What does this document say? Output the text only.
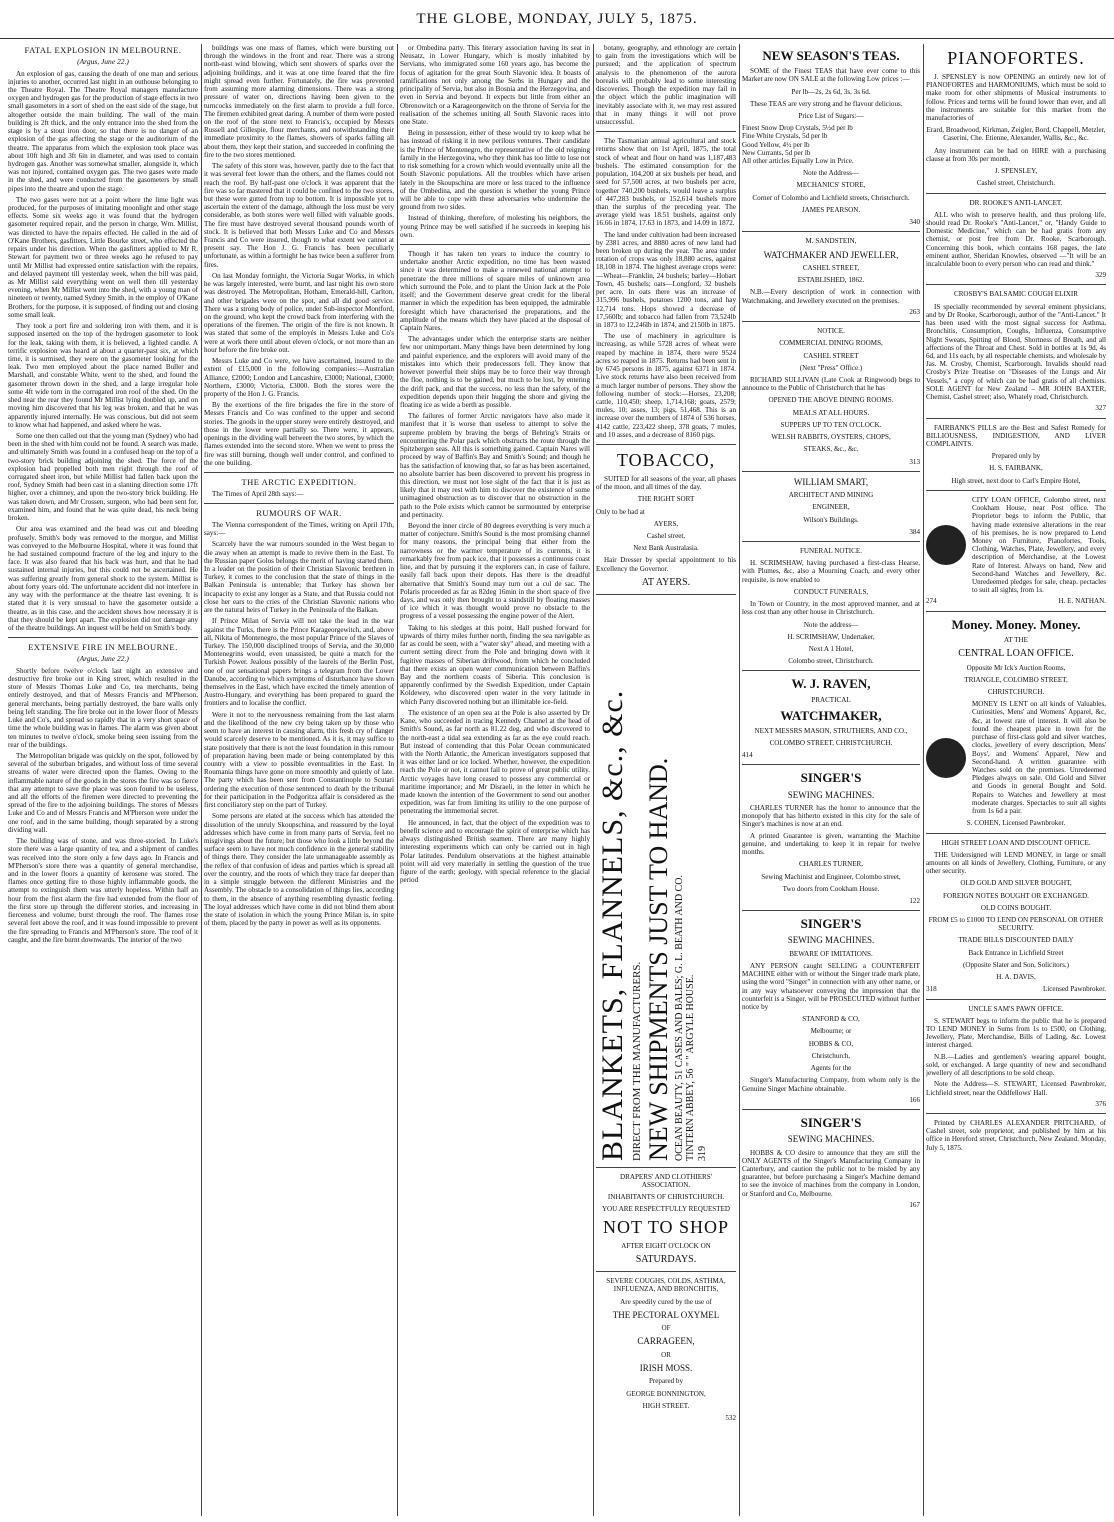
THE GLOBE, MONDAY, JULY 5, 1875.
FATAL EXPLOSION IN MELBOURNE.
(Argus, June 22.)

An explosion of gas, causing the death of one man and serious injuries to another, occurred last night in an outhouse belonging to the Theatre Royal. The Theatre Royal managers manufacture oxygen and hydrogen gas for the production of stage effects in two small gasometers in a sort of shed on the east side of the stage, but altogether outside the main building. The wall of the main building is 2ft thick, and the only entrance into the shed from the stage is by a stout iron door, so that there is no danger of an explosion of the gas affecting the stage or the auditorium of the theatre. The apparatus from which the explosion took place was about 10ft high and 3ft 6in in diameter, and was used to contain hydrogen gas. Another was somewhat smaller, alongside it, which was not injured, contained oxygen gas. The two gases were made in the shed, and were conducted from the gasometers by small pipes into the theatre and upon the stage.

The two gases were not at a point where the lime light was produced, for the purposes of imitating moonlight and other stage effects. Some six weeks ago it was found that the hydrogen gasometer required repair, and the person in charge, Wm. Millist, was directed to have the repairs effected. He called in the aid of O'Kane Brothers, gasfitters, Little Bourke street, who effected the repairs under his direction. When the gasfitters applied to Mr R. Stewart for payment two or three weeks ago he refused to pay until Mr Millist had expressed entire satisfaction with the repairs, and delayed payment till yesterday week, when the bill was paid, as Mr Millist said everything went on well then till yesterday evening, when Mr Millist went into the shed, with a young man of nineteen or twenty, named Sydney Smith, in the employ of O'Kane Brothers, for the purpose, it is supposed, of finding out and closing some small leak.

They took a port fire and soldering iron with them, and it is supposed inserted on the top of the hydrogen gasometer to look for the leak, taking with them, it is believed, a lighted candle. A terrific explosion was heard at about a quarter-past six, at which time, it is surmised, they were on the gasometer looking for the leak. Two men employed about the place named Buller and Marshall, and constable White, went to the shed, and found the gasometer thrown down in the shed, and a large irregular hole some 4ft wide torn in the corrugated iron roof of the shed. On the shed near the rear they found Mr Millist lying doubled up, and on moving him discovered that his leg was broken, and that he was apparently injured internally. He was conscious, but did not seem to know what had happened, and asked where he was.

Some one then called out that the young man (Sydney) who had been in the shed with him could not be found. A search was made, and ultimately Smith was found in a confused heap on the top of a two-story brick building adjoining the shed. The force of the explosion had propelled both men right through the roof of corrugated sheet iron, but while Millist had fallen back upon the roof, Sydney Smith had been cast in a slanting direction some 17ft higher, over a chimney, and upon the two-story brick building. He was taken down, and Mr Crossen, surgeon, who had been sent for, examined him, and found that he was quite dead, his neck being broken.

Our area was examined and the head was cut and bleeding profusely. Smith's body was removed to the morgue, and Millist was conveyed to the Melbourne Hospital, where it was found that he had sustained compound fracture of the leg and injury to the face. It was also feared that his back was hurt, and that he had sustained internal injuries, but this could not be ascertained. He was suffering greatly from general shock to the system. Millist is about forty years old. The unfortunate accident did not interfere in any way with the performance at the theatre last evening. It is stated that it is very unusual to have the gasometer outside a theatre, as in this case, and the accident shows how necessary it is that they should be kept apart. The explosion did not damage any of the theatre buildings. An inquest will be held on Smith's body.

EXTENSIVE FIRE IN MELBOURNE.
(Argus, June 22.)

Shortly before twelve o'clock last night an extensive and destructive fire broke out in King street, which resulted in the store of Messrs Thomas Luke and Co, tea merchants, being entirely destroyed, and that of Messrs Francis and M'Pherson, general merchants, being partially destroyed, the bare walls only being left standing. The fire broke out in the lower floor of Messrs Luke and Co's, and spread so rapidly that in a very short space of time the whole building was in flames. The alarm was given about ten minutes to twelve o'clock, smoke being seen issuing from the rear of the buildings.

The Metropolitan brigade was quickly on the spot, followed by several of the suburban brigades, and without loss of time several streams of water were directed upon the flames. Owing to the inflammable nature of the goods in the stores the fire was so fierce that any attempt to save the place was soon found to be useless, and all the efforts of the firemen were directed to preventing the spread of the fire to the adjoining buildings. The stores of Messrs Luke and Co and of Messrs Francis and M'Pherson were under the one roof, and in the same building, though separated by a strong dividing wall.

The building was of stone, and was three-storied. In Luke's store there was a large quantity of tea, and a shipment of candles was received into the store only a few days ago. In Francis and M'Pherson's store there was a quantity of general merchandise, and in the lower floors a quantity of kerosene was stored. The flames once getting fire to those highly inflammable goods, the attempt to extinguish them was utterly hopeless. Within half an hour from the first alarm the fire had extended from the floor of the first store up through the different stories, and increasing in fierceness and volume, burst through the roof. The flames rose several feet above the roof, and it was found impossible to prevent the fire spreading to Francis and M'Pherson's store. The roof of it caught, and the fire burnt downwards. The interior of the two

buildings was one mass of flames, which were bursting out through the windows in the front and rear. There was a strong north-east wind blowing, which sent showers of sparks over the adjoining buildings, and it was at one time feared that the fire might spread even further. Fortunately, the fire was prevented from assuming more alarming dimensions. There was a strong pressure of water on, directions having been given to the turncocks immediately on the first alarm to provide a full force. The firemen exhibited great daring. A number of them were posted on the roof of the store next to Francis's, occupied by Messrs Russell and Gillespie, flour merchants, and notwithstanding their immediate proximity to the flames, showers of sparks falling all about them, they kept their station, and succeeded in confining the fire to the two stores mentioned.

The safety of this store was, however, partly due to the fact that it was several feet lower than the others, and the flames could not reach the roof. By half-past one o'clock it was apparent that the fire was so far mastered that it could be confined to the two stores, but these were gutted from top to bottom. It is impossible yet to ascertain the extent of the damage, although the loss must be very considerable, as both stores were well filled with valuable goods. The fire must have destroyed several thousand pounds worth of stock. It is believed that both Messrs Luke and Co and Messrs Francis and Co were insured, though to what extent we cannot at present say. The Hon J. G. Francis has been peculiarly unfortunate, as within a fortnight he has twice been a sufferer from fires.

On last Monday fortnight, the Victoria Sugar Works, in which he was largely interested, were burnt, and last night his own store was destroyed. The Metropolitan, Hotham, Emerald-hill, Carlton, and other brigades were on the spot, and all did good service. There was a strong body of police, under Sub-inspector Montford, on the ground, who kept the crowd back from interfering with the operations of the firemen. The origin of the fire is not known. It was stated that some of the employés in Messrs Luke and Co's were at work there until about eleven o'clock, or not more than an hour before the fire broke out.

Messrs Luke and Co were, we have ascertained, insured to the extent of £15,000 in the following companies:—Australian Alliance, £2000; London and Lancashire, £3000; National, £3000; Northern, £3000; Victoria, £3000. Both the stores were the property of the Hon J. G. Francis.

By the exertions of the fire brigades the fire in the store of Messrs Francis and Co was confined to the upper and second stories. The goods in the upper storey were entirely destroyed, and those in the lower were partially so. There were, it appears, openings in the dividing wall between the two stores, by which the flames extended into the second store. When we went to press the fire was still burning, though well under control, and confined to the one building.

THE ARCTIC EXPEDITION.

The Times of April 28th says:—

RUMOURS OF WAR.

The Vienna correspondent of the Times, writing on April 17th, says:—

Scarcely have the war rumours sounded in the West began to die away when an attempt is made to revive them in the East. To the Russian paper Golos belongs the merit of having started them. In a leader on the position of their Christian Slavonic brethren in Turkey, it comes to the conclusion that the state of things in the Balkan Peninsula is untenable; that Turkey has shown her incapacity to exist any longer as a State, and that Russia could not close her ears to the cries of the Christian Slavonic nations who are the natural heirs of Turkey in the Peninsula of the Balkan.

If Prince Milan of Servia will not take the lead in the war against the Turks, there is the Prince Karageorgewitch, and, above all, Nikita of Montenegro, the most popular Prince of the Slaves of Turkey. The 150,000 disciplined troops of Servia, and the 30,000 Montenegrins would, even unassisted, be quite a match for the Turkish Power. Jealous possibly of the laurels of the Berlin Post, one of our sensational papers brings a telegram from the Lower Danube, according to which symptoms of disturbance have shown themselves in the East, which have excited the timely attention of Austro-Hungary, and everything has been prepared to guard the frontiers and to localise the conflict.

Were it not to the nervousness remaining from the last alarm and the likelihood of the new cry being taken up by those who seem to have an interest in causing alarm, this fresh cry of danger would scarcely deserve to be mentioned. As it is, it may suffice to state positively that there is not the least foundation in this rumour of preparation having been made or being contemplated by this country with a view to possible eventualities in the East. In Roumania things have gone on more smoothly and quietly of late. The party which has been sent from Constantinople to Scutari ordering the execution of those sentenced to death by the tribunal for their participation in the Podgoritza affair is considered as the first conciliatory step on the part of Turkey.

Some persons are elated at the success which has attended the dissolution of the unruly Skoupschina, and reassured by the loyal addresses which have come in from many parts of Servia, feel no misgivings about the future; but those who look a little beyond the surface seem to have not much confidence in the general stability of things there. They consider the late unmanageable assembly as the reflex of that confusion of ideas and parties which is spread all over the country, and the roots of which they trace far deeper than in a simple struggle between the different Ministries and the Assembly. The obstacle to a consolidation of things lies, according to them, in the absence of anything resembling dynastic feeling. The loyal addresses which have come in did not blind them about the state of isolation in which the young Prince Milan is, in spite of them, placed by the party in power as well as its opponents.

or Ombedina party. This literary association having its seat in Neusatz, in Lower Hungary, which is mostly inhabited by Servians, who immigrated some 160 years ago, has become the focus of agitation for the great South Slavonic idea. It boasts of ramifications not only among the Serbs in Hungary and the principality of Servia, but also in Bosnia and the Herzegovina, and even in Servia and beyond. It expects but little from either an Obrenowitch or a Karageorgewitch on the throne of Servia for the realisation of the schemes uniting all South Slavonic races into one State.

Being in possession, either of these would try to keep what he has instead of risking it in new perilous ventures. Their candidate is the Prince of Montenegro, the representative of the old reigning family in the Herzegovina, who they think has too little to lose not to risk something for a crown which would eventually unite all the South Slavonic populations. All the troubles which have arisen lately in the Skoupschina are more or less traced to the influence of the Ombedina, and the question is whether the young Prince will be able to cope with these adversaries who undermine the ground from two sides.

Instead of thinking, therefore, of molesting his neighbors, the young Prince may be well satisfied if he succeeds in keeping his own.

Though it has taken ten years to induce the country to undertake another Arctic expedition, no time has been wasted since it was determined to make a renewed national attempt to penetrate the three millions of square miles of unknown area which surround the Pole, and to plant the Union Jack at the Pole itself; and the Government deserve great credit for the liberal manner in which the expedition has been equipped, the admirable foresight which have characterised the preparations, and the amplitude of the means which they have placed at the disposal of Captain Nares.

The advantages under which the enterprise starts are neither few nor unimportant. Many things have been determined by long and painful experience, and the explorers will avoid many of the mistakes into which their predecessors fell. They know that however powerful their ships may be to force their way through the floe, nothing is to be gained, but much to be lost, by entering the drift pack, and that the success, no less than the safety, of the expedition depends upon their hugging the shore and giving the floating ice as wide a berth as possible.

The failures of former Arctic navigators have also made it manifest that it is worse than useless to attempt to solve the supreme problem by braving the bergs of Behring's Straits or encountering the Polar pack which obstructs the route through the Spitzbergen seas. All this is something gained. Captain Nares will proceed by way of Baffin's Bay and Smith's Sound; and though he has the satisfaction of knowing that, so far as has been ascertained, no absolute barrier has been discovered to prevent his progress in this direction, we must not lose sight of the fact that it is just as likely that it may rest with him to discover the existence of some unimagined obstruction as to discover that no obstruction in the path to the Pole exists which cannot be surmounted by enterprise and pertinacity.

Beyond the inner circle of 80 degrees everything is very much a matter of conjecture. Smith's Sound is the most promising channel for many reasons, the principal being that either from the narrowness or the warmer temperature of its currents, it is remarkably free from pack ice, that it possesses a continuous coast line, and that by pursuing it the explorers can, in case of failure, easily fall back upon their depots. Has there is the dreadful alternative that Smith's Sound may turn out a cul de sac. The Polaris proceeded as far as 82deg 16min in the short space of five days, and was only then brought to a standstill by floating masses of ice which it was thought would prove no obstacle to the progress of a vessel possessing the engine power of the Alert.

Taking to his sledges at this point, Hall pushed forward for upwards of thirty miles further north, finding the sea navigable as far as could be seen, with a "water sky" ahead, and meeting with a current setting direct from the Pole and bringing down with it fugitive masses of Siberian driftwood, from which he concluded that there exists an open water communication between Baffin's Bay and the northern coasts of Siberia. This conclusion is apparently confirmed by the Swedish Expedition, under Captain Koldewey, who discovered open water in the very latitude in which Parry discovered nothing but an illimitable ice-field.

The existence of an open sea at the Pole is also asserted by Dr Kane, who succeeded in tracing Kennedy Channel at the head of Smith's Sound, as far north as 81.22 deg, and who discovered to the north-east a tidal sea extending as far as the eye could reach. But instead of contending that this Polar Ocean communicated with the North Atlantic, the American investigators supposed that it was either land or ice locked. Whether, however, the expedition reach the Pole or not, it cannot fail to prove of great public utility. Arctic voyages have long ceased to possess any commercial or maritime importance; and Mr Disraeli, in the letter in which he made known the intention of the Government to send out another expedition, was far from limiting its utility to the one purpose of penetrating the immemorial secret.

He announced, in fact, that the object of the expedition was to benefit science and to encourage the spirit of enterprise which has always distinguished British seamen. There are many highly interesting experiments which can only be carried out in high Polar latitudes. Pendulum observations at the highest attainable point will aid very materially in settling the question of the true figure of the earth; geology, with special reference to the glacial period

botany, geography, and ethnology are certain to gain from the investigations which will be pursued; and the application of spectrum analysis to the phenomenon of the aurora borealis will probably lead to some interesting discoveries. Though the expedition may fail in the object which the public imagination will inevitably associate with it, we may rest assured that in many things it will not prove unsuccessful.

The Tasmanian annual agricultural and stock returns show that on 1st April, 1875, the total stock of wheat and flour on hand was 1,187,483 bushels. The estimated consumption for the population, 104,200 at six bushels per head, and seed for 57,500 acres, at two bushels per acre, together 740,200 bushels, would leave a surplus of 447,283 bushels, or 152,614 bushels more than the surplus of the preceding year. The average yield was 18.51 bushels, against only 16.66 in 1874, 17.63 in 1873, and 14.09 in 1872.

The land under cultivation had been increased by 2381 acres, and 8880 acres of new land had been broken up during the year. The area under rotation of crops was only 18,880 acres, against 18,108 in 1874. The highest average crops were:—Wheat—Franklin, 24 bushels; barley—Hobart Town, 45 bushels; oats—Longford, 32 bushels per acre. In oats there was an increase of 315,996 bushels, potatoes 1200 tons, and hay 12,714 tons. Hops showed a decrease of 17,560lb; and tobacco had fallen from 73,524lb in 1873 to 12,246lb in 1874, and 2150lb in 1875.

The use of machinery in agriculture is increasing, as while 5728 acres of wheat were reaped by machine in 1874, there were 9524 acres so reaped in 1875. Returns had been sent in by 6745 persons in 1875, against 6371 in 1874. Live stock returns have also been received from a much larger number of persons. They show the following number of stock:—Horses, 23,208; cattle, 110,450; sheep, 1,714,168; goats, 2579; mules, 10; asses, 13; pigs, 51,468. This is an increase over the numbers of 1874 of 536 horses, 4142 cattle, 223,422 sheep, 378 goats, 7 mules, and 10 asses, and a decrease of 8160 pigs.

TOBACCO,

SUITED for all seasons of the year, all phases of the moon, and all times of the day.

THE RIGHT SORT
Only to be had at
AYERS,
Cashel street,
Next Bank Australasia.

Hair Dresser by special appointment to his Excellency the Governor.

AT AYERS.
BLANKETS, FLANNELS, &c., &c. DIRECT FROM THE MANUFACTURERS. NEW SHIPMENTS JUST TO HAND. OCEAN BEAUTY, 51 CASES AND BALES; G. L. BEATH AND CO. TINTERN ABBEY, 56 " " ARGYLE HOUSE. 319
DRAPERS' AND CLOTHIERS' ASSOCIATION.
INHABITANTS OF CHRISTCHURCH.
YOU ARE RESPECTFULLY REQUESTED
NOT TO SHOP
AFTER EIGHT O'CLOCK ON
SATURDAYS.
SEVERE COUGHS, COLDS, ASTHMA, INFLUENZA, AND BRONCHITIS,
Are speedily cured by the use of
THE PECTORAL OXYMEL
OF
CARRAGEEN,
OR
IRISH MOSS.
Prepared by
GEORGE BONNINGTON,
HIGH STREET.
532
NEW SEASON'S TEAS.

SOME of the Finest TEAS that have ever come to this Market are now ON SALE at the following Low prices :—

Per lb—2s, 2s 6d, 3s, 3s 6d.

These TEAS are very strong and he flavour delicious.

Price List of Sugars:—
Finest Snow Drop Crystals, 5½d per lb
Fine White Crystals, 5d per lb
Good Yellow, 4½ per lb
New Currants, 5d per lb
All other articles Equally Low in Price.
Note the Address—
MECHANICS' STORE,
Corner of Colombo and Lichfield streets, Christchurch.
JAMES PEARSON.
340
M. SANDSTEIN,
WATCHMAKER AND JEWELLER,
CASHEL STREET,
ESTABLISHED, 1862.

N.B.—Every description of work in connection with Watchmaking, and Jewellery executed on the premises.

263
NOTICE.
COMMERCIAL DINING ROOMS,
CASHEL STREET
(Next "Press" Office.)

RICHARD SULLIVAN (Late Cook at Ringwood) begs to announce to the Public of Christchurch that he has

OPENED THE ABOVE DINING ROOMS.
MEALS AT ALL HOURS.
SUPPERS UP TO TEN O'CLOCK.
WELSH RABBITS, OYSTERS, CHOPS,
STEAKS, &c., &c.
313
WILLIAM SMART,
ARCHITECT AND MINING
ENGINEER,
Wilson's Buildings.
384
FUNERAL NOTICE.

H. SCRIMSHAW, having purchased a first-class Hearse, with Plumes, &c, also a Mourning Coach, and every other requisite, is now enabled to

CONDUCT FUNERALS,

In Town or Country, in the most approved manner, and at less cost than any other house in Christchurch.

Note the address—
H. SCRIMSHAW, Undertaker,
Next A 1 Hotel,
Colombo street, Christchurch.
W. J. RAVEN,
PRACTICAL
WATCHMAKER,
NEXT MESSRS MASON, STRUTHERS, AND CO.,
COLOMBO STREET, CHRISTCHURCH.
414
SINGER'S
SEWING MACHINES.

CHARLES TURNER has the honor to announce that the monopoly that has hitherto existed in this city for the sale of Singer's machines is now at an end.

A printed Guarantee is given, warranting the Machine genuine, and undertaking to keep it in repair for twelve months.

CHARLES TURNER,
Sewing Machinist and Engineer, Colombo street,
Two doors from Cookham House.
122
SINGER'S
SEWING MACHINES.
BEWARE OF IMITATIONS.

ANY PERSON caught SELLING a COUNTERFEIT MACHINE either with or without the Singer trade mark plate, using the word "Singer" in connection with any other name, or in any way whatsoever conveying the impression that the counterfeit is a Singer, will be PROSECUTED without further notice by

STANFORD & CO,
Melbourne; or
HOBBS & CO,
Christchurch,
Agents for the

Singer's Manufacturing Company, from whom only is the Genuine Singer Machine obtainable.

166
SINGER'S
SEWING MACHINES.

HOBBS & CO desire to announce that they are still the ONLY AGENTS of the Singer's Manufacturing Company in Canterbury, and caution the public not to be misled by any guarantee, but before purchasing a Singer's Machine demand to see the invoice of machines from the company in London, or Stanford and Co, Melbourne.

167
PIANOFORTES.

J. SPENSLEY is now OPENING an entirely new lot of PIANOFORTES and HARMONIUMS, which must be sold to make room for other shipments of Musical instruments to follow. Prices and terms will be found lower than ever, and all the instruments are suitable for this market from the manufactories of

Erard, Broadwood, Kirkman, Zeigler, Bord, Chappell, Metzler, Caserini, Che. Etienne, Alexander, Wallis, &c., &c.

Any instrument can be had on HIRE with a purchasing clause at from 30s per month.

J. SPENSLEY,
Cashel street, Christchurch.
DR. ROOKE'S ANTI-LANCET.

ALL who wish to preserve health, and thus prolong life, should read Dr. Rooke's "Anti-Lancet," or, "Handy Guide to Domestic Medicine," which can be had gratis from any chemist, or post free from Dr. Rooke, Scarborough. Concerning this book, which contains 168 pages, the late eminent author, Sheridan Knowles, observed —"It will be an incalculable boon to every person who can read and think."

329
CROSBY'S BALSAMIC COUGH ELIXIR

IS specially recommended by several eminent physicians, and by Dr Rooke, Scarborough, author of the "Anti-Lancet." It has been used with the most signal success for Asthma, Bronchitis, Consumption, Coughs, Influenza, Consumptive Night Sweats, Spitting of Blood, Shortness of Breath, and all affections of the Throat and Chest. Sold in bottles at 1s 9d, 4s 6d, and 11s each, by all respectable chemists, and wholesale by Jas. M. Crosby, Chemist, Scarborough. Invalids should read Crosby's Prize Treatise on "Diseases of the Lungs and Air Vessels," a copy of which can be had gratis of all chemists. SOLE AGENT for New Zealand – MR JOHN BAXTER, Chemist, Cashel street; also, Whately road, Christchurch.

327

FAIRBANK'S PILLS are the Best and Safest Remedy for BILLIOUSNESS, INDIGESTION, AND LIVER COMPLAINTS.

Prepared only by
H. S. FAIRBANK,
High street, next door to Carl's Empire Hotel,
CITY LOAN OFFICE, Colombo street, next Cookham House, near Post office. The Proprietor begs to inform the Public, that having made extensive alterations in the rear of his premises, he is now prepared to Lend Money on Furniture, Pianofortes, Tools, Clothing, Watches, Plate, Jewellery, and every description of Merchandise, at the Lowest Rate of Interest. Always on hand, New and Second-hand Watches and Jewellery, &c. Unredeemed pledges for sale, cheap. pectacles to suit all sights, from 1s.
274	H. E. NATHAN.
Money. Money. Money.
AT THE
CENTRAL LOAN OFFICE.
Opposite Mr Ick's Auction Rooms,
TRIANGLE, COLOMBO STREET,
CHRISTCHURCH.
MONEY IS LENT on all kinds of Valuables, Curiosities, Mens' and Womens' Apparel, &c, &c, at lowest rate of interest. It will also be found the cheapest place in town for the purchase of first-class gold and silver watches, clocks, jewellery of every description, Mens' Boys', and Womens' Apparel, New and Second-hand. A written guarantee with Watches sold on the premises. Unredeemed Pledges always on sale. Old Gold and Silver and Goods in general Bought and Sold. Repairs to Watches and Jewellery at most moderate charges. Spectacles to suit all sights from 1s 6d a pair.
S. COHEN, Licensed Pawnbroker.
HIGH STREET LOAN AND DISCOUNT OFFICE.

THE Undersigned will LEND MONEY, in large or small amounts on all kinds of Jewellery, Clothing, Furniture, or any other security.

OLD GOLD AND SILVER BOUGHT,
FOREIGN NOTES BOUGHT OR EXCHANGED.
OLD COINS BOUGHT.
FROM £5 to £1000 TO LEND ON PERSONAL OR OTHER SECURITY.
TRADE BILLS DISCOUNTED DAILY
Back Entrance in Lichfield Street
(Opposite Slater and Son, Solicitors.)
H. A. DAVIS,
318	Licensed Pawnbroker.
UNCLE SAM'S PAWN OFFICE.

S. STEWART begs to inform the public that he is prepared TO LEND MONEY in Sums from 1s to £500, on Clothing, Jewellery, Plate, Merchandise, Bills of Lading, &c. Lowest interest charged.

N.B.—Ladies and gentlemen's wearing apparel bought, sold, or exchanged. A large quantity of new and secondhand jewellery of all descriptions to be sold cheap.

Note the Address—S. STEWART, Licensed Pawnbroker, Lichfield street, near the Oddfellows' Hall.

376

Printed by CHARLES ALEXANDER PRITCHARD, of Cashel street, sole proprietor, and published by him at his office in Hereford street, Christchurch, New Zealand. Monday, July 5, 1875.
